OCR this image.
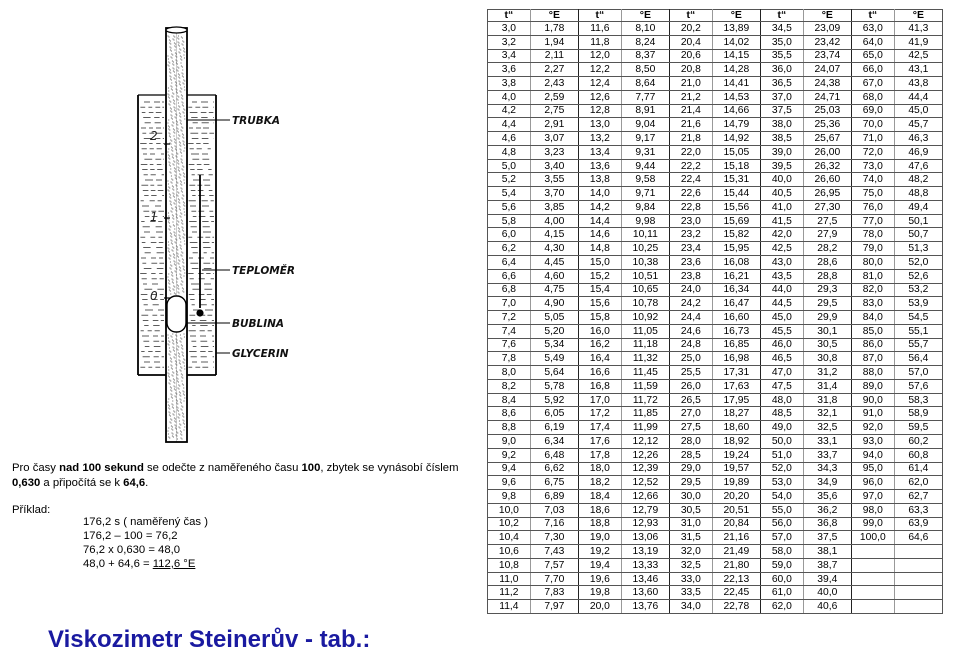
2
1
0
TRUBKA
TEPLOMĚR
BUBLINA
GLYCERIN
Pro časy nad 100 sekund se odečte z naměřeného času 100, zbytek se vynásobí číslem 0,630 a připočítá se k 64,6.
Příklad:
176,2 s ( naměřený čas )
176,2 – 100 = 76,2
76,2 x 0,630 = 48,0
48,0 + 64,6 = 112,6 °E
t“	°E	t“	°E	t“	°E	t“	°E	t“	°E
3,0	1,78	11,6	8,10	20,2	13,89	34,5	23,09	63,0	41,3
3,2	1,94	11,8	8,24	20,4	14,02	35,0	23,42	64,0	41,9
3,4	2,11	12,0	8,37	20,6	14,15	35,5	23,74	65,0	42,5
3,6	2,27	12,2	8,50	20,8	14,28	36,0	24,07	66,0	43,1
3,8	2,43	12,4	8,64	21,0	14,41	36,5	24,38	67,0	43,8
4,0	2,59	12,6	7,77	21,2	14,53	37,0	24,71	68,0	44,4
4,2	2,75	12,8	8,91	21,4	14,66	37,5	25,03	69,0	45,0
4,4	2,91	13,0	9,04	21,6	14,79	38,0	25,36	70,0	45,7
4,6	3,07	13,2	9,17	21,8	14,92	38,5	25,67	71,0	46,3
4,8	3,23	13,4	9,31	22,0	15,05	39,0	26,00	72,0	46,9
5,0	3,40	13,6	9,44	22,2	15,18	39,5	26,32	73,0	47,6
5,2	3,55	13,8	9,58	22,4	15,31	40,0	26,60	74,0	48,2
5,4	3,70	14,0	9,71	22,6	15,44	40,5	26,95	75,0	48,8
5,6	3,85	14,2	9,84	22,8	15,56	41,0	27,30	76,0	49,4
5,8	4,00	14,4	9,98	23,0	15,69	41,5	27,5	77,0	50,1
6,0	4,15	14,6	10,11	23,2	15,82	42,0	27,9	78,0	50,7
6,2	4,30	14,8	10,25	23,4	15,95	42,5	28,2	79,0	51,3
6,4	4,45	15,0	10,38	23,6	16,08	43,0	28,6	80,0	52,0
6,6	4,60	15,2	10,51	23,8	16,21	43,5	28,8	81,0	52,6
6,8	4,75	15,4	10,65	24,0	16,34	44,0	29,3	82,0	53,2
7,0	4,90	15,6	10,78	24,2	16,47	44,5	29,5	83,0	53,9
7,2	5,05	15,8	10,92	24,4	16,60	45,0	29,9	84,0	54,5
7,4	5,20	16,0	11,05	24,6	16,73	45,5	30,1	85,0	55,1
7,6	5,34	16,2	11,18	24,8	16,85	46,0	30,5	86,0	55,7
7,8	5,49	16,4	11,32	25,0	16,98	46,5	30,8	87,0	56,4
8,0	5,64	16,6	11,45	25,5	17,31	47,0	31,2	88,0	57,0
8,2	5,78	16,8	11,59	26,0	17,63	47,5	31,4	89,0	57,6
8,4	5,92	17,0	11,72	26,5	17,95	48,0	31,8	90,0	58,3
8,6	6,05	17,2	11,85	27,0	18,27	48,5	32,1	91,0	58,9
8,8	6,19	17,4	11,99	27,5	18,60	49,0	32,5	92,0	59,5
9,0	6,34	17,6	12,12	28,0	18,92	50,0	33,1	93,0	60,2
9,2	6,48	17,8	12,26	28,5	19,24	51,0	33,7	94,0	60,8
9,4	6,62	18,0	12,39	29,0	19,57	52,0	34,3	95,0	61,4
9,6	6,75	18,2	12,52	29,5	19,89	53,0	34,9	96,0	62,0
9,8	6,89	18,4	12,66	30,0	20,20	54,0	35,6	97,0	62,7
10,0	7,03	18,6	12,79	30,5	20,51	55,0	36,2	98,0	63,3
10,2	7,16	18,8	12,93	31,0	20,84	56,0	36,8	99,0	63,9
10,4	7,30	19,0	13,06	31,5	21,16	57,0	37,5	100,0	64,6
10,6	7,43	19,2	13,19	32,0	21,49	58,0	38,1		
10,8	7,57	19,4	13,33	32,5	21,80	59,0	38,7		
11,0	7,70	19,6	13,46	33,0	22,13	60,0	39,4		
11,2	7,83	19,8	13,60	33,5	22,45	61,0	40,0		
11,4	7,97	20,0	13,76	34,0	22,78	62,0	40,6		
Viskozimetr Steinerův - tab.:
